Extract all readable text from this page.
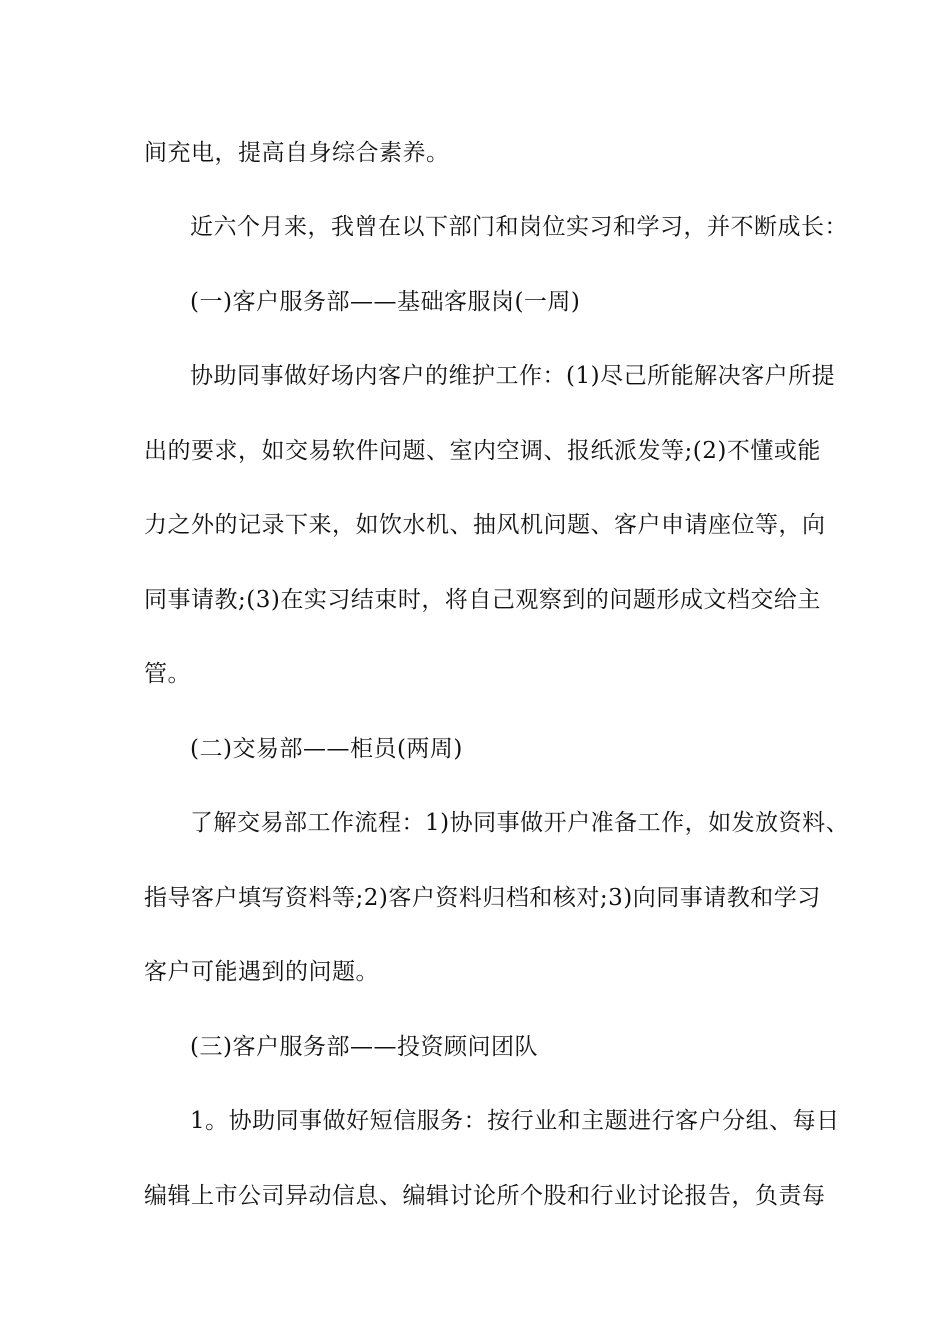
间充电，提高自身综合素养。
近六个月来，我曾在以下部门和岗位实习和学习，并不断成长：
(一)客户服务部——基础客服岗(一周)
协助同事做好场内客户的维护工作：(1)尽己所能解决客户所提
出的要求，如交易软件问题、室内空调、报纸派发等;(2)不懂或能
力之外的记录下来，如饮水机、抽风机问题、客户申请座位等，向
同事请教;(3)在实习结束时，将自己观察到的问题形成文档交给主
管。
(二)交易部——柜员(两周)
了解交易部工作流程：1)协同事做开户准备工作，如发放资料、
指导客户填写资料等;2)客户资料归档和核对;3)向同事请教和学习
客户可能遇到的问题。
(三)客户服务部——投资顾问团队
1。协助同事做好短信服务：按行业和主题进行客户分组、每日
编辑上市公司异动信息、编辑讨论所个股和行业讨论报告，负责每
